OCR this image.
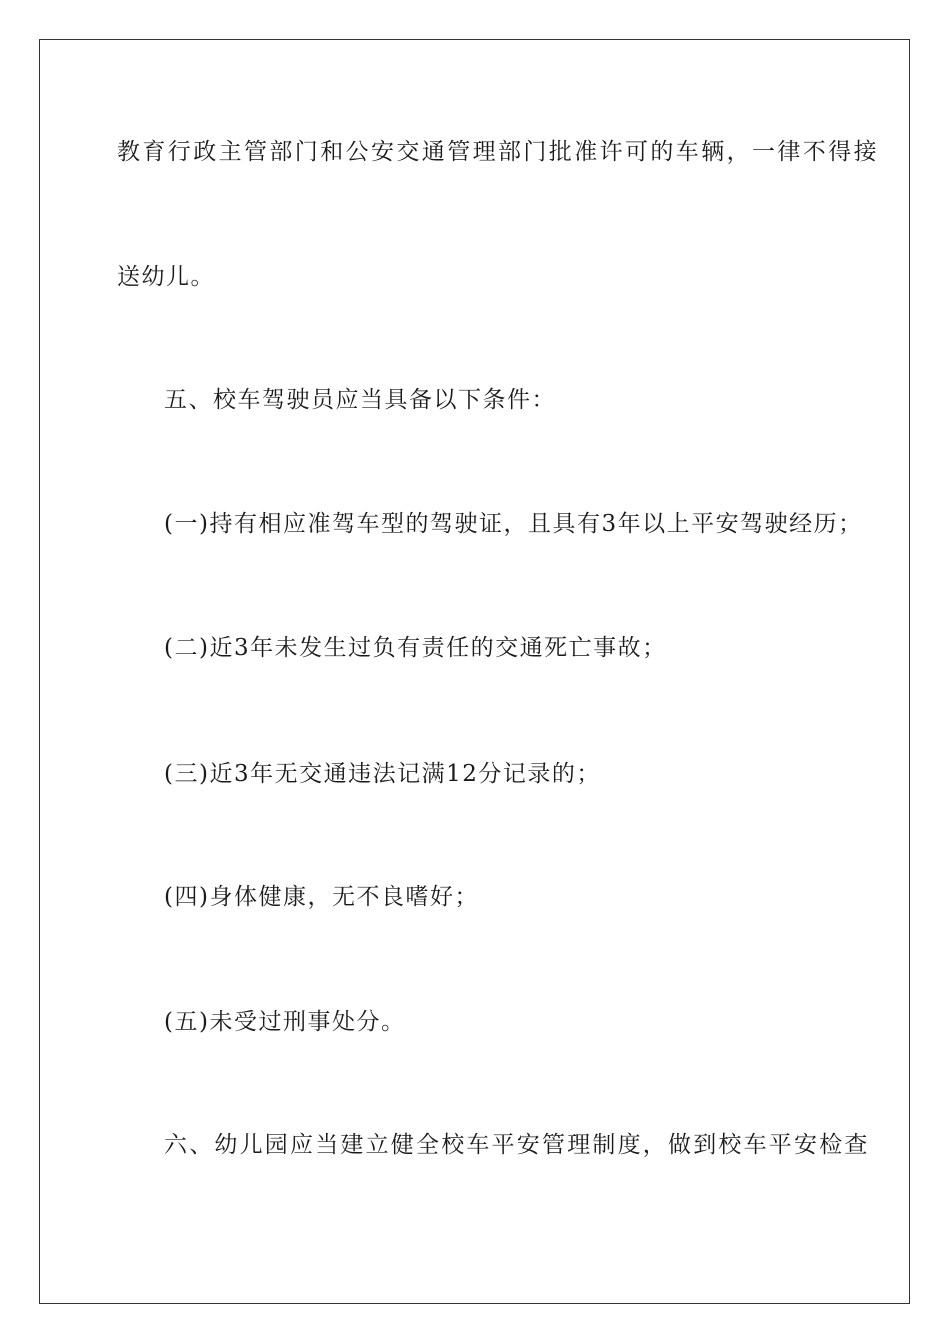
教育行政主管部门和公安交通管理部门批准许可的车辆，一律不得接
送幼儿。
五、校车驾驶员应当具备以下条件：
(一)持有相应准驾车型的驾驶证，且具有3年以上平安驾驶经历；
(二)近3年未发生过负有责任的交通死亡事故；
(三)近3年无交通违法记满12分记录的；
(四)身体健康，无不良嗜好；
(五)未受过刑事处分。
六、幼儿园应当建立健全校车平安管理制度，做到校车平安检查
